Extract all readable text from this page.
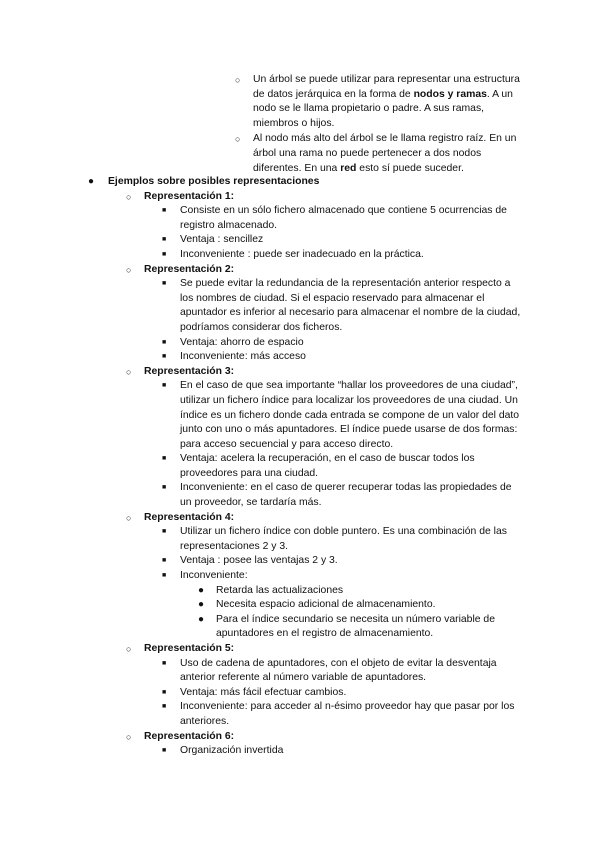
○ Un árbol se puede utilizar para representar una estructura de datos jerárquica en la forma de nodos y ramas. A un nodo se le llama propietario o padre. A sus ramas, miembros o hijos.
○ Al nodo más alto del árbol se le llama registro raíz. En un árbol una rama no puede pertenecer a dos nodos diferentes. En una red esto sí puede suceder.
● Ejemplos sobre posibles representaciones
○ Representación 1:
■ Consiste en un sólo fichero almacenado que contiene 5 ocurrencias de registro almacenado.
■ Ventaja : sencillez
■ Inconveniente : puede ser inadecuado en la práctica.
○ Representación 2:
■ Se puede evitar la redundancia de la representación anterior respecto a los nombres de ciudad. Si el espacio reservado para almacenar el apuntador es inferior al necesario para almacenar el nombre de la ciudad, podríamos considerar dos ficheros.
■ Ventaja: ahorro de espacio
■ Inconveniente: más acceso
○ Representación 3:
■ En el caso de que sea importante “hallar los proveedores de una ciudad”, utilizar un fichero índice para localizar los proveedores de una ciudad. Un índice es un fichero donde cada entrada se compone de un valor del dato junto con uno o más apuntadores. El índice puede usarse de dos formas: para acceso secuencial y para acceso directo.
■ Ventaja: acelera la recuperación, en el caso de buscar todos los proveedores para una ciudad.
■ Inconveniente: en el caso de querer recuperar todas las propiedades de un proveedor, se tardaría más.
○ Representación 4:
■ Utilizar un fichero índice con doble puntero. Es una combinación de las representaciones 2 y 3.
■ Ventaja : posee las ventajas 2 y 3.
■ Inconveniente:
● Retarda las actualizaciones
● Necesita espacio adicional de almacenamiento.
● Para el índice secundario se necesita un número variable de apuntadores en el registro de almacenamiento.
○ Representación 5:
■ Uso de cadena de apuntadores, con el objeto de evitar la desventaja anterior referente al número variable de apuntadores.
■ Ventaja: más fácil efectuar cambios.
■ Inconveniente: para acceder al n-ésimo proveedor hay que pasar por los anteriores.
○ Representación 6:
■ Organización invertida
